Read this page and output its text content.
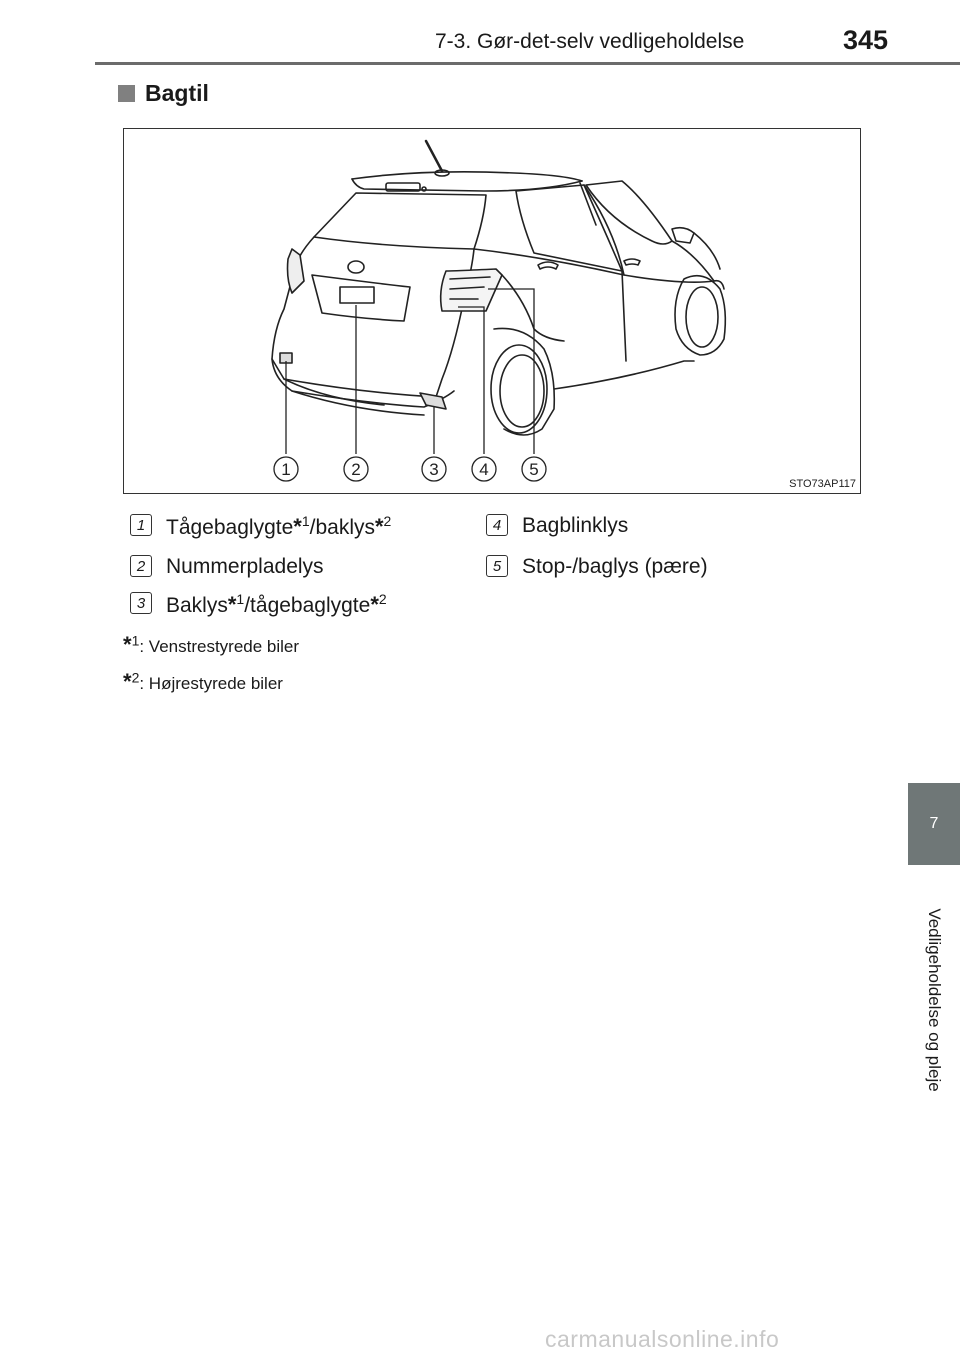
7-3. Gør-det-selv vedligeholdelse	345
Bagtil
1	2	3 4 5
STO73AP117
1 Tågebaglygte*$^1$/baklys*$^2$
2 Nummerpladelys
3 Baklys*$^1$/tågebaglygte*$^2$
4 Bagblinklys
5 Stop-/baglys (pære)
*$^1$: Venstrestyrede biler
*$^2$: Højrestyrede biler
7
Vedligeholdelse og pleje
carmanualsonline.info
